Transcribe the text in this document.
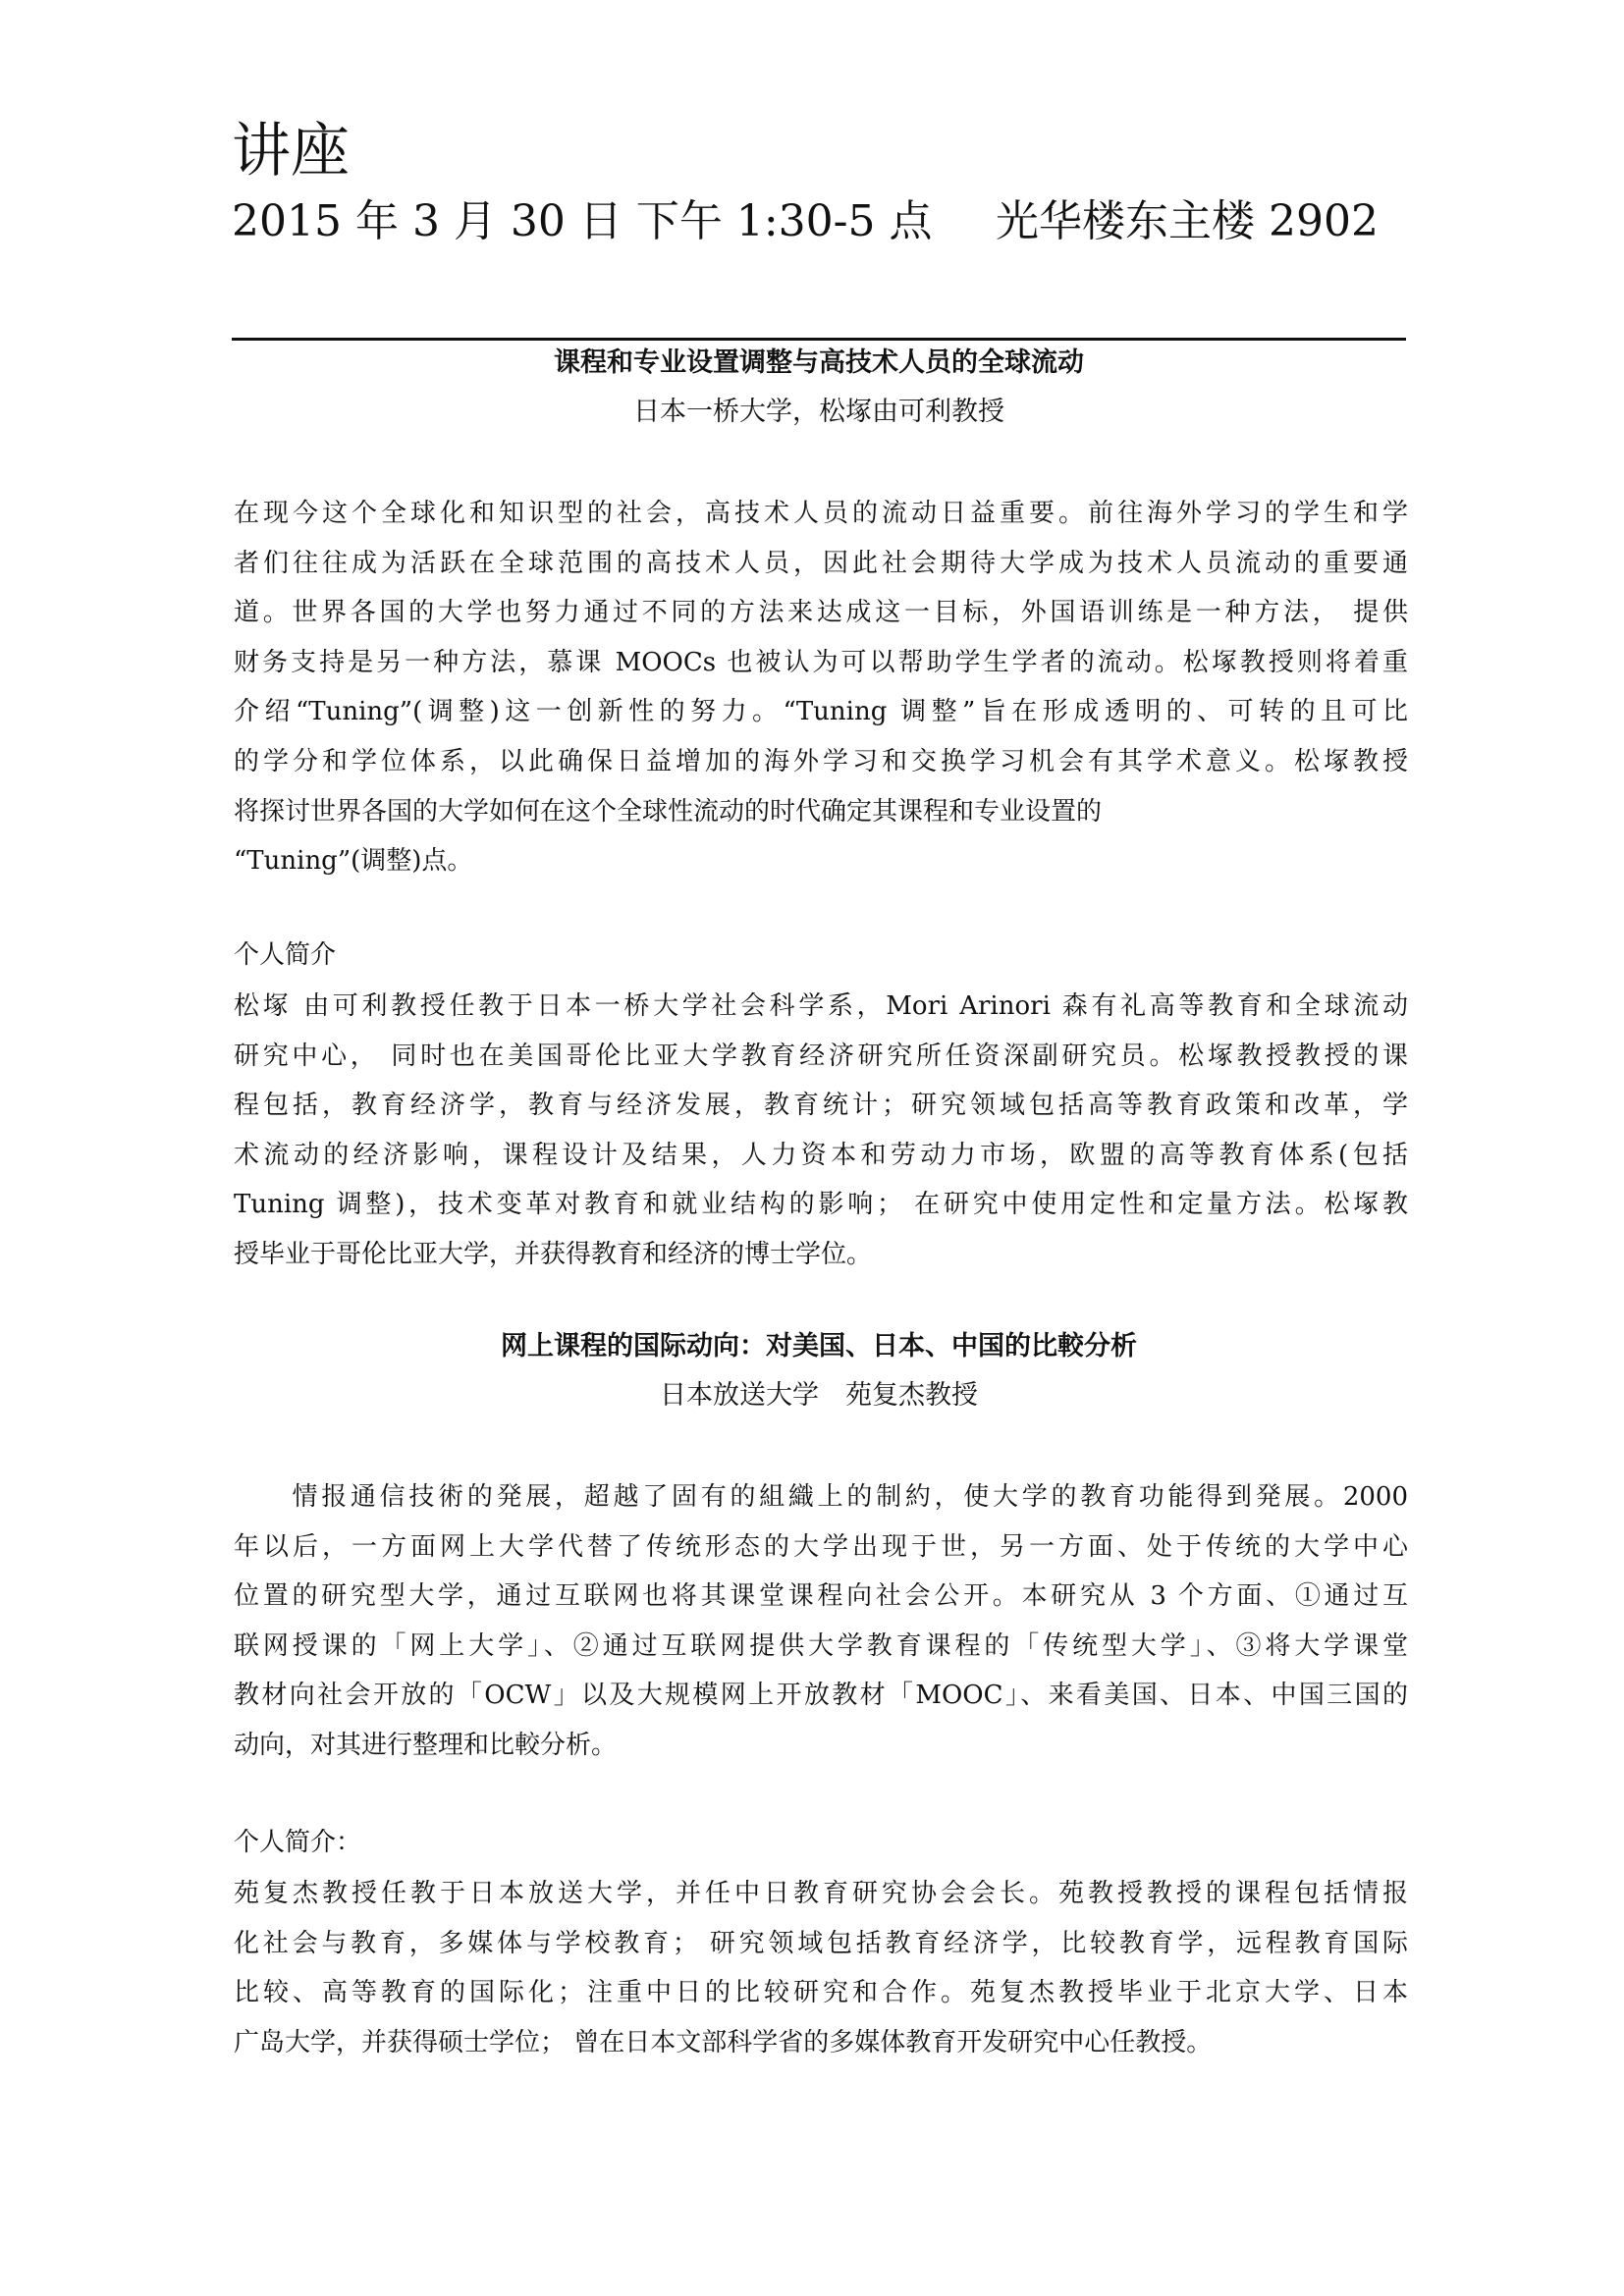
讲座
2015 年 3 月 30 日 下午 1:30-5 点 光华楼东主楼 2902
课程和专业设置调整与高技术人员的全球流动
日本一桥大学，松塚由可利教授
在现今这个全球化和知识型的社会，高技术人员的流动日益重要。前往海外学习的学生和学
者们往往成为活跃在全球范围的高技术人员，因此社会期待大学成为技术人员流动的重要通
道。世界各国的大学也努力通过不同的方法来达成这一目标，外国语训练是一种方法， 提供
财务支持是另一种方法，慕课 MOOCs 也被认为可以帮助学生学者的流动。松塚教授则将着重
介绍“Tuning”(调整)这一创新性的努力。“Tuning 调整”旨在形成透明的、可转的且可比
的学分和学位体系，以此确保日益增加的海外学习和交换学习机会有其学术意义。松塚教授
将探讨世界各国的大学如何在这个全球性流动的时代确定其课程和专业设置的
“Tuning”(调整)点。
个人简介
松塚 由可利教授任教于日本一桥大学社会科学系，Mori Arinori 森有礼高等教育和全球流动
研究中心， 同时也在美国哥伦比亚大学教育经济研究所任资深副研究员。松塚教授教授的课
程包括，教育经济学，教育与经济发展，教育统计；研究领域包括高等教育政策和改革，学
术流动的经济影响，课程设计及结果，人力资本和劳动力市场，欧盟的高等教育体系(包括
Tuning 调整)，技术变革对教育和就业结构的影响； 在研究中使用定性和定量方法。松塚教
授毕业于哥伦比亚大学，并获得教育和经济的博士学位。
网上课程的国际动向：对美国、日本、中国的比較分析
日本放送大学　苑复杰教授
　　情报通信技術的発展，超越了固有的組織上的制約，使大学的教育功能得到発展。2000
年以后，一方面网上大学代替了传统形态的大学出现于世，另一方面、处于传统的大学中心
位置的研究型大学，通过互联网也将其课堂课程向社会公开。本研究从 3 个方面、①通过互
联网授课的「网上大学」、②通过互联网提供大学教育课程的「传统型大学」、③将大学课堂
教材向社会开放的「OCW」以及大规模网上开放教材「MOOC」、来看美国、日本、中国三国的
动向，对其进行整理和比較分析。
个人简介：
苑复杰教授任教于日本放送大学，并任中日教育研究协会会长。苑教授教授的课程包括情报
化社会与教育，多媒体与学校教育； 研究领域包括教育经济学，比较教育学，远程教育国际
比较、高等教育的国际化；注重中日的比较研究和合作。苑复杰教授毕业于北京大学、日本
广岛大学，并获得硕士学位； 曾在日本文部科学省的多媒体教育开发研究中心任教授。
